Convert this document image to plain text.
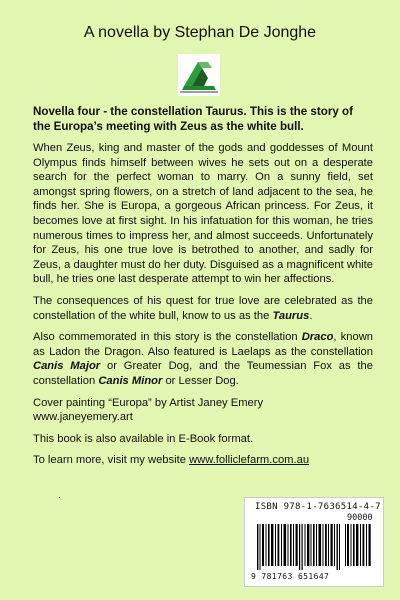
A novella by Stephan De Jonghe

Novella four - the constellation Taurus. This is the story of the Europa’s meeting with Zeus as the white bull.

When Zeus, king and master of the gods and goddesses of Mount Olympus finds himself between wives he sets out on a desperate search for the perfect woman to marry. On a sunny field, set amongst spring flowers, on a stretch of land adjacent to the sea, he finds her. She is Europa, a gorgeous African princess. For Zeus, it becomes love at first sight. In his infatuation for this woman, he tries numerous times to impress her, and almost succeeds. Unfortunately for Zeus, his one true love is betrothed to another, and sadly for Zeus, a daughter must do her duty. Disguised as a magnificent white bull, he tries one last desperate attempt to win her affections.

The consequences of his quest for true love are celebrated as the constellation of the white bull, know to us as the Taurus.

Also commemorated in this story is the constellation Draco, known as Ladon the Dragon. Also featured is Laelaps as the constellation Canis Major or Greater Dog, and the Teumessian Fox as the constellation Canis Minor or Lesser Dog.

Cover painting “Europa” by Artist Janey Emery
www.janeyemery.art

This book is also available in E-Book format.

To learn more, visit my website www.folliclefarm.com.au

.
ISBN 978-1-7636514-4-7
90000
9 781763 651647
